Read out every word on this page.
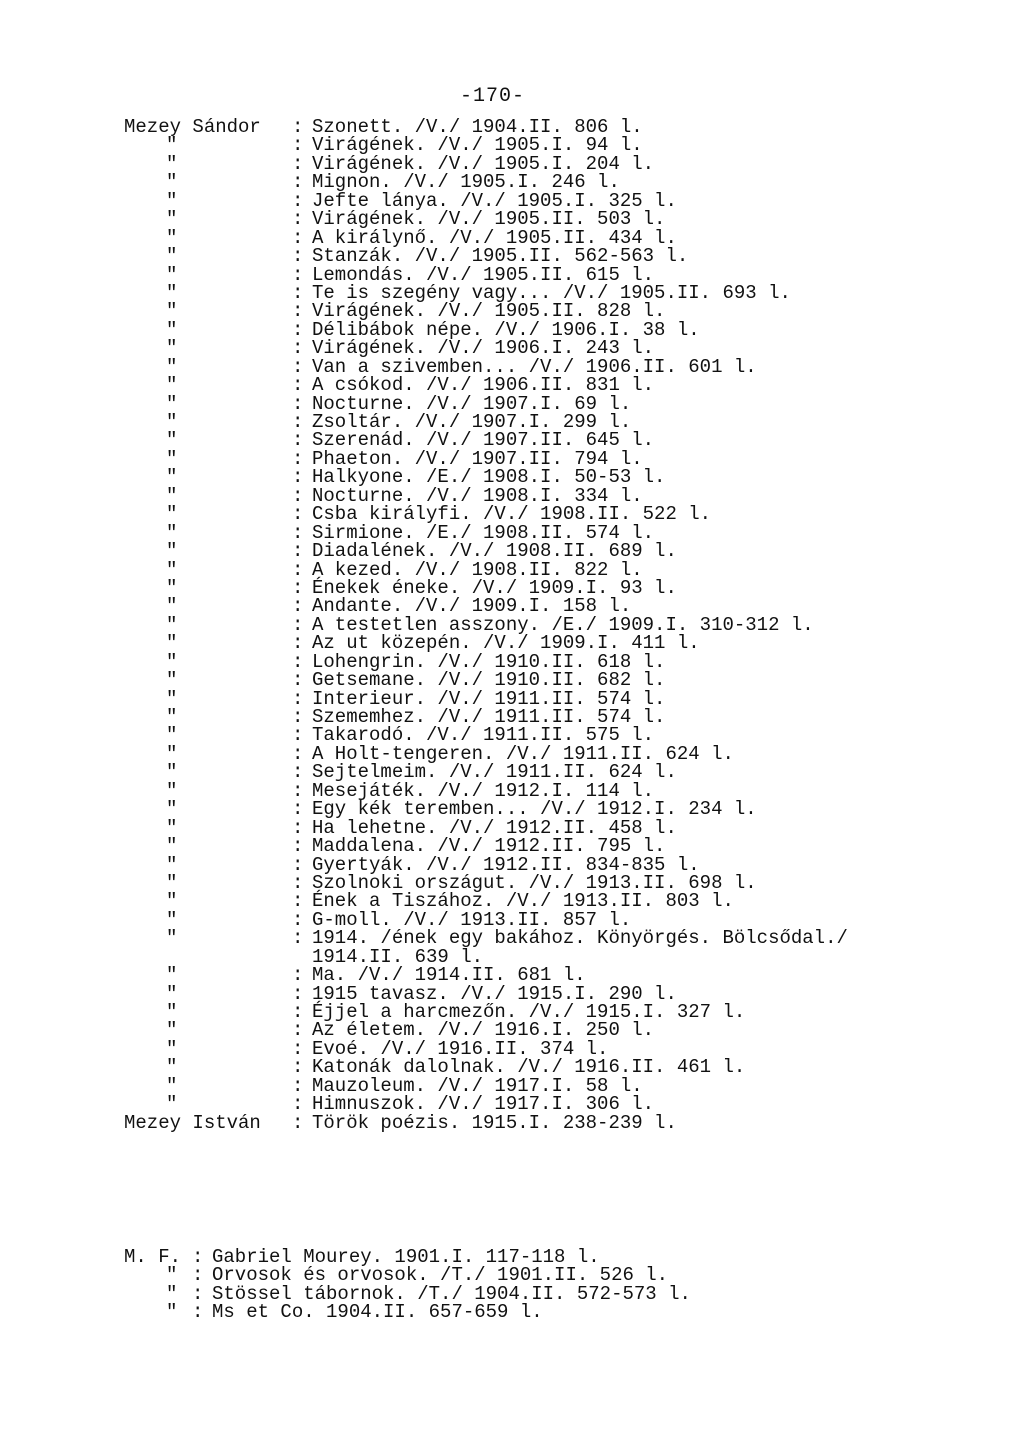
-170-
Mezey Sándor	: Szonett. /V./ 1904.II. 806 l.
"	: Virágének. /V./ 1905.I. 94 l.
"	: Virágének. /V./ 1905.I. 204 l.
"	: Mignon. /V./ 1905.I. 246 l.
"	: Jefte lánya. /V./ 1905.I. 325 l.
"	: Virágének. /V./ 1905.II. 503 l.
"	: A királynő. /V./ 1905.II. 434 l.
"	: Stanzák. /V./ 1905.II. 562-563 l.
"	: Lemondás. /V./ 1905.II. 615 l.
"	: Te is szegény vagy... /V./ 1905.II. 693 l.
"	: Virágének. /V./ 1905.II. 828 l.
"	: Délibábok népe. /V./ 1906.I. 38 l.
"	: Virágének. /V./ 1906.I. 243 l.
"	: Van a szivemben... /V./ 1906.II. 601 l.
"	: A csókod. /V./ 1906.II. 831 l.
"	: Nocturne. /V./ 1907.I. 69 l.
"	: Zsoltár. /V./ 1907.I. 299 l.
"	: Szerenád. /V./ 1907.II. 645 l.
"	: Phaeton. /V./ 1907.II. 794 l.
"	: Halkyone. /E./ 1908.I. 50-53 l.
"	: Nocturne. /V./ 1908.I. 334 l.
"	: Csba királyfi. /V./ 1908.II. 522 l.
"	: Sirmione. /E./ 1908.II. 574 l.
"	: Diadalének. /V./ 1908.II. 689 l.
"	: A kezed. /V./ 1908.II. 822 l.
"	: Énekek éneke. /V./ 1909.I. 93 l.
"	: Andante. /V./ 1909.I. 158 l.
"	: A testetlen asszony. /E./ 1909.I. 310-312 l.
"	: Az ut közepén. /V./ 1909.I. 411 l.
"	: Lohengrin. /V./ 1910.II. 618 l.
"	: Getsemane. /V./ 1910.II. 682 l.
"	: Interieur. /V./ 1911.II. 574 l.
"	: Szememhez. /V./ 1911.II. 574 l.
"	: Takarodó. /V./ 1911.II. 575 l.
"	: A Holt-tengeren. /V./ 1911.II. 624 l.
"	: Sejtelmeim. /V./ 1911.II. 624 l.
"	: Mesejáték. /V./ 1912.I. 114 l.
"	: Egy kék teremben... /V./ 1912.I. 234 l.
"	: Ha lehetne. /V./ 1912.II. 458 l.
"	: Maddalena. /V./ 1912.II. 795 l.
"	: Gyertyák. /V./ 1912.II. 834-835 l.
"	: Szolnoki országut. /V./ 1913.II. 698 l.
"	: Ének a Tiszához. /V./ 1913.II. 803 l.
"	: G-moll. /V./ 1913.II. 857 l.
"	: 1914. /ének egy bakához. Könyörgés. Bölcsődal./
1914.II. 639 l.
"	: Ma. /V./ 1914.II. 681 l.
"	: 1915 tavasz. /V./ 1915.I. 290 l.
"	: Éjjel a harcmezőn. /V./ 1915.I. 327 l.
"	: Az életem. /V./ 1916.I. 250 l.
"	: Evoé. /V./ 1916.II. 374 l.
"	: Katonák dalolnak. /V./ 1916.II. 461 l.
"	: Mauzoleum. /V./ 1917.I. 58 l.
"	: Himnuszok. /V./ 1917.I. 306 l.
Mezey István	: Török poézis. 1915.I. 238-239 l.
M. F. : Gabriel Mourey. 1901.I. 117-118 l.
" : Orvosok és orvosok. /T./ 1901.II. 526 l.
" : Stössel tábornok. /T./ 1904.II. 572-573 l.
" : Ms et Co. 1904.II. 657-659 l.
